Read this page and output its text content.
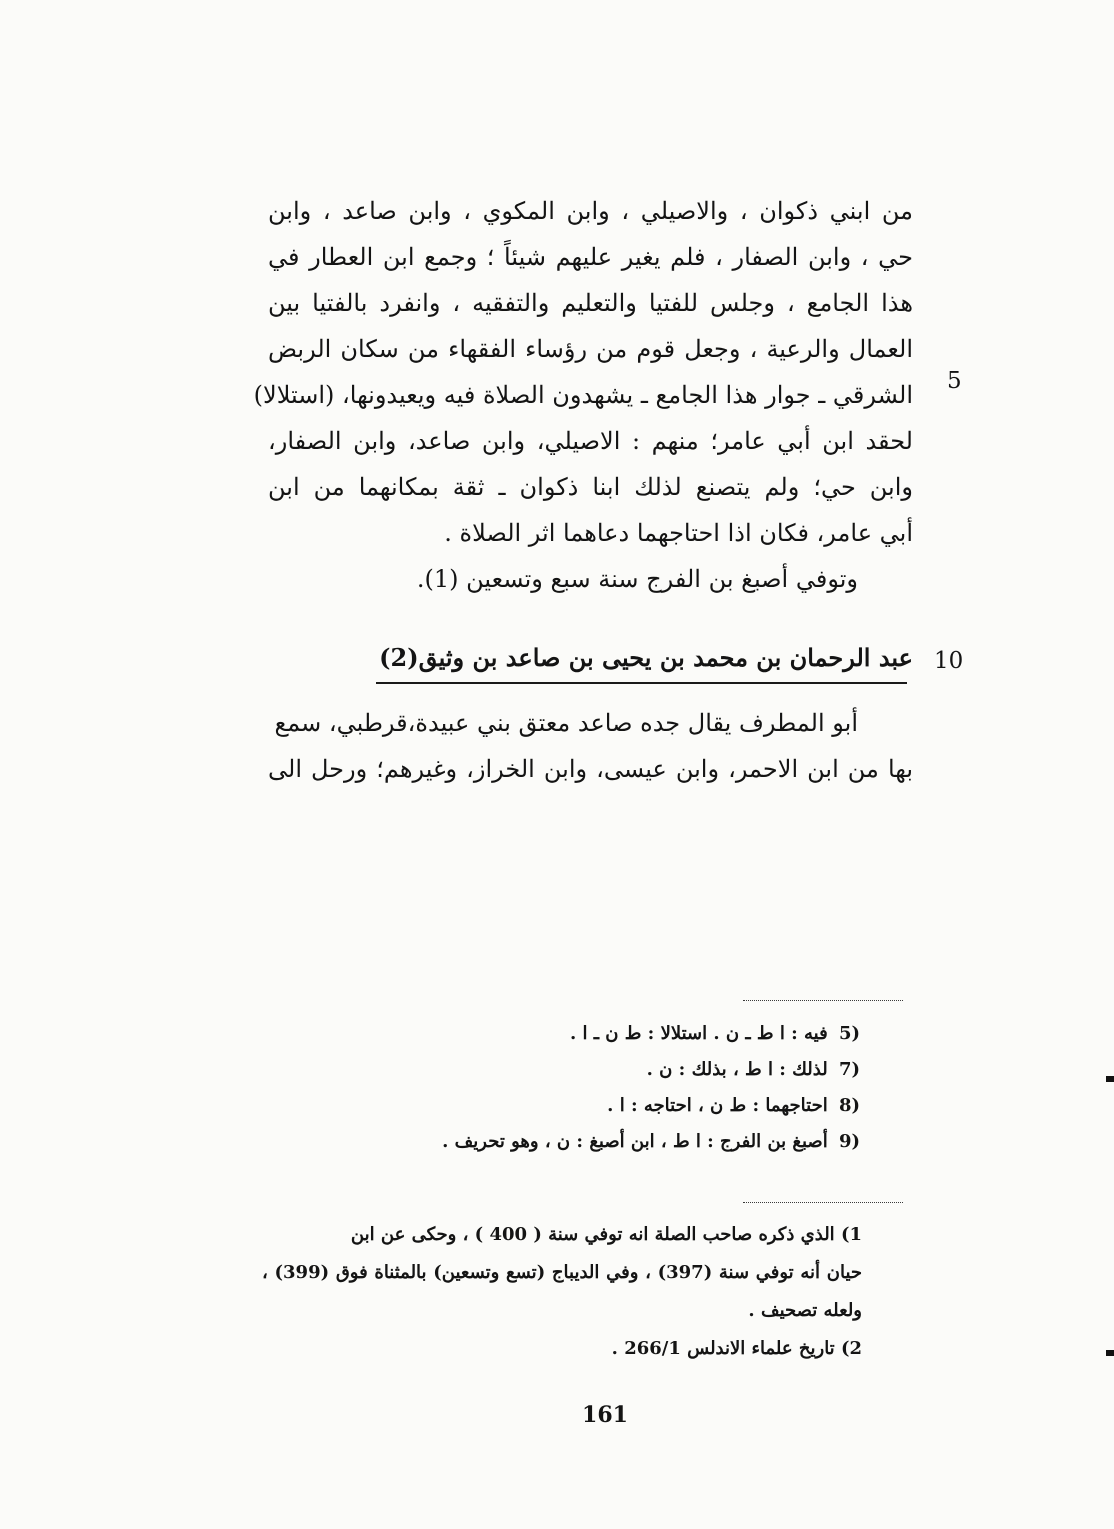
من ابني ذكوان ، والاصيلي ، وابن المكوي ، وابن صاعد ، وابن
حي ، وابن الصفار ، فلم يغير عليهم شيئاً ؛ وجمع ابن العطار في
هذا الجامع ، وجلس للفتيا والتعليم والتفقيه ، وانفرد بالفتيا بين
العمال والرعية ، وجعل قوم من رؤساء الفقهاء من سكان الربض
الشرقي ـ جوار هذا الجامع ـ يشهدون الصلاة فيه ويعيدونها، (استلالا)
لحقد ابن أبي عامر؛ منهم : الاصيلي، وابن صاعد، وابن الصفار،
وابن حي؛ ولم يتصنع لذلك ابنا ذكوان ـ ثقة بمكانهما من ابن
أبي عامر، فكان اذا احتاجهما دعاهما اثر الصلاة .
وتوفي أصبغ بن الفرج سنة سبع وتسعين (1).
5
10
عبد الرحمان بن محمد بن يحيى بن صاعد بن وثيق(2)
أبو المطرف يقال جده صاعد معتق بني عبيدة،قرطبي، سمع
بها من ابن الاحمر، وابن عيسى، وابن الخراز، وغيرهم؛ ورحل الى
5) فيه : ا ط ـ ن . استلالا : ط ن ـ ا .
7) لذلك : ا ط ، بذلك : ن .
8) احتاجهما : ط ن ، احتاجه : ا .
9) أصبغ بن الفرج : ا ط ، ابن أصبغ : ن ، وهو تحريف .
1) الذي ذكره صاحب الصلة انه توفي سنة ( 400 ) ، وحكى عن ابن
حيان أنه توفي سنة (397) ، وفي الديباج (تسع وتسعين) بالمثناة فوق (399) ،
ولعله تصحيف .
2) تاريخ علماء الاندلس 266/1 .
161
